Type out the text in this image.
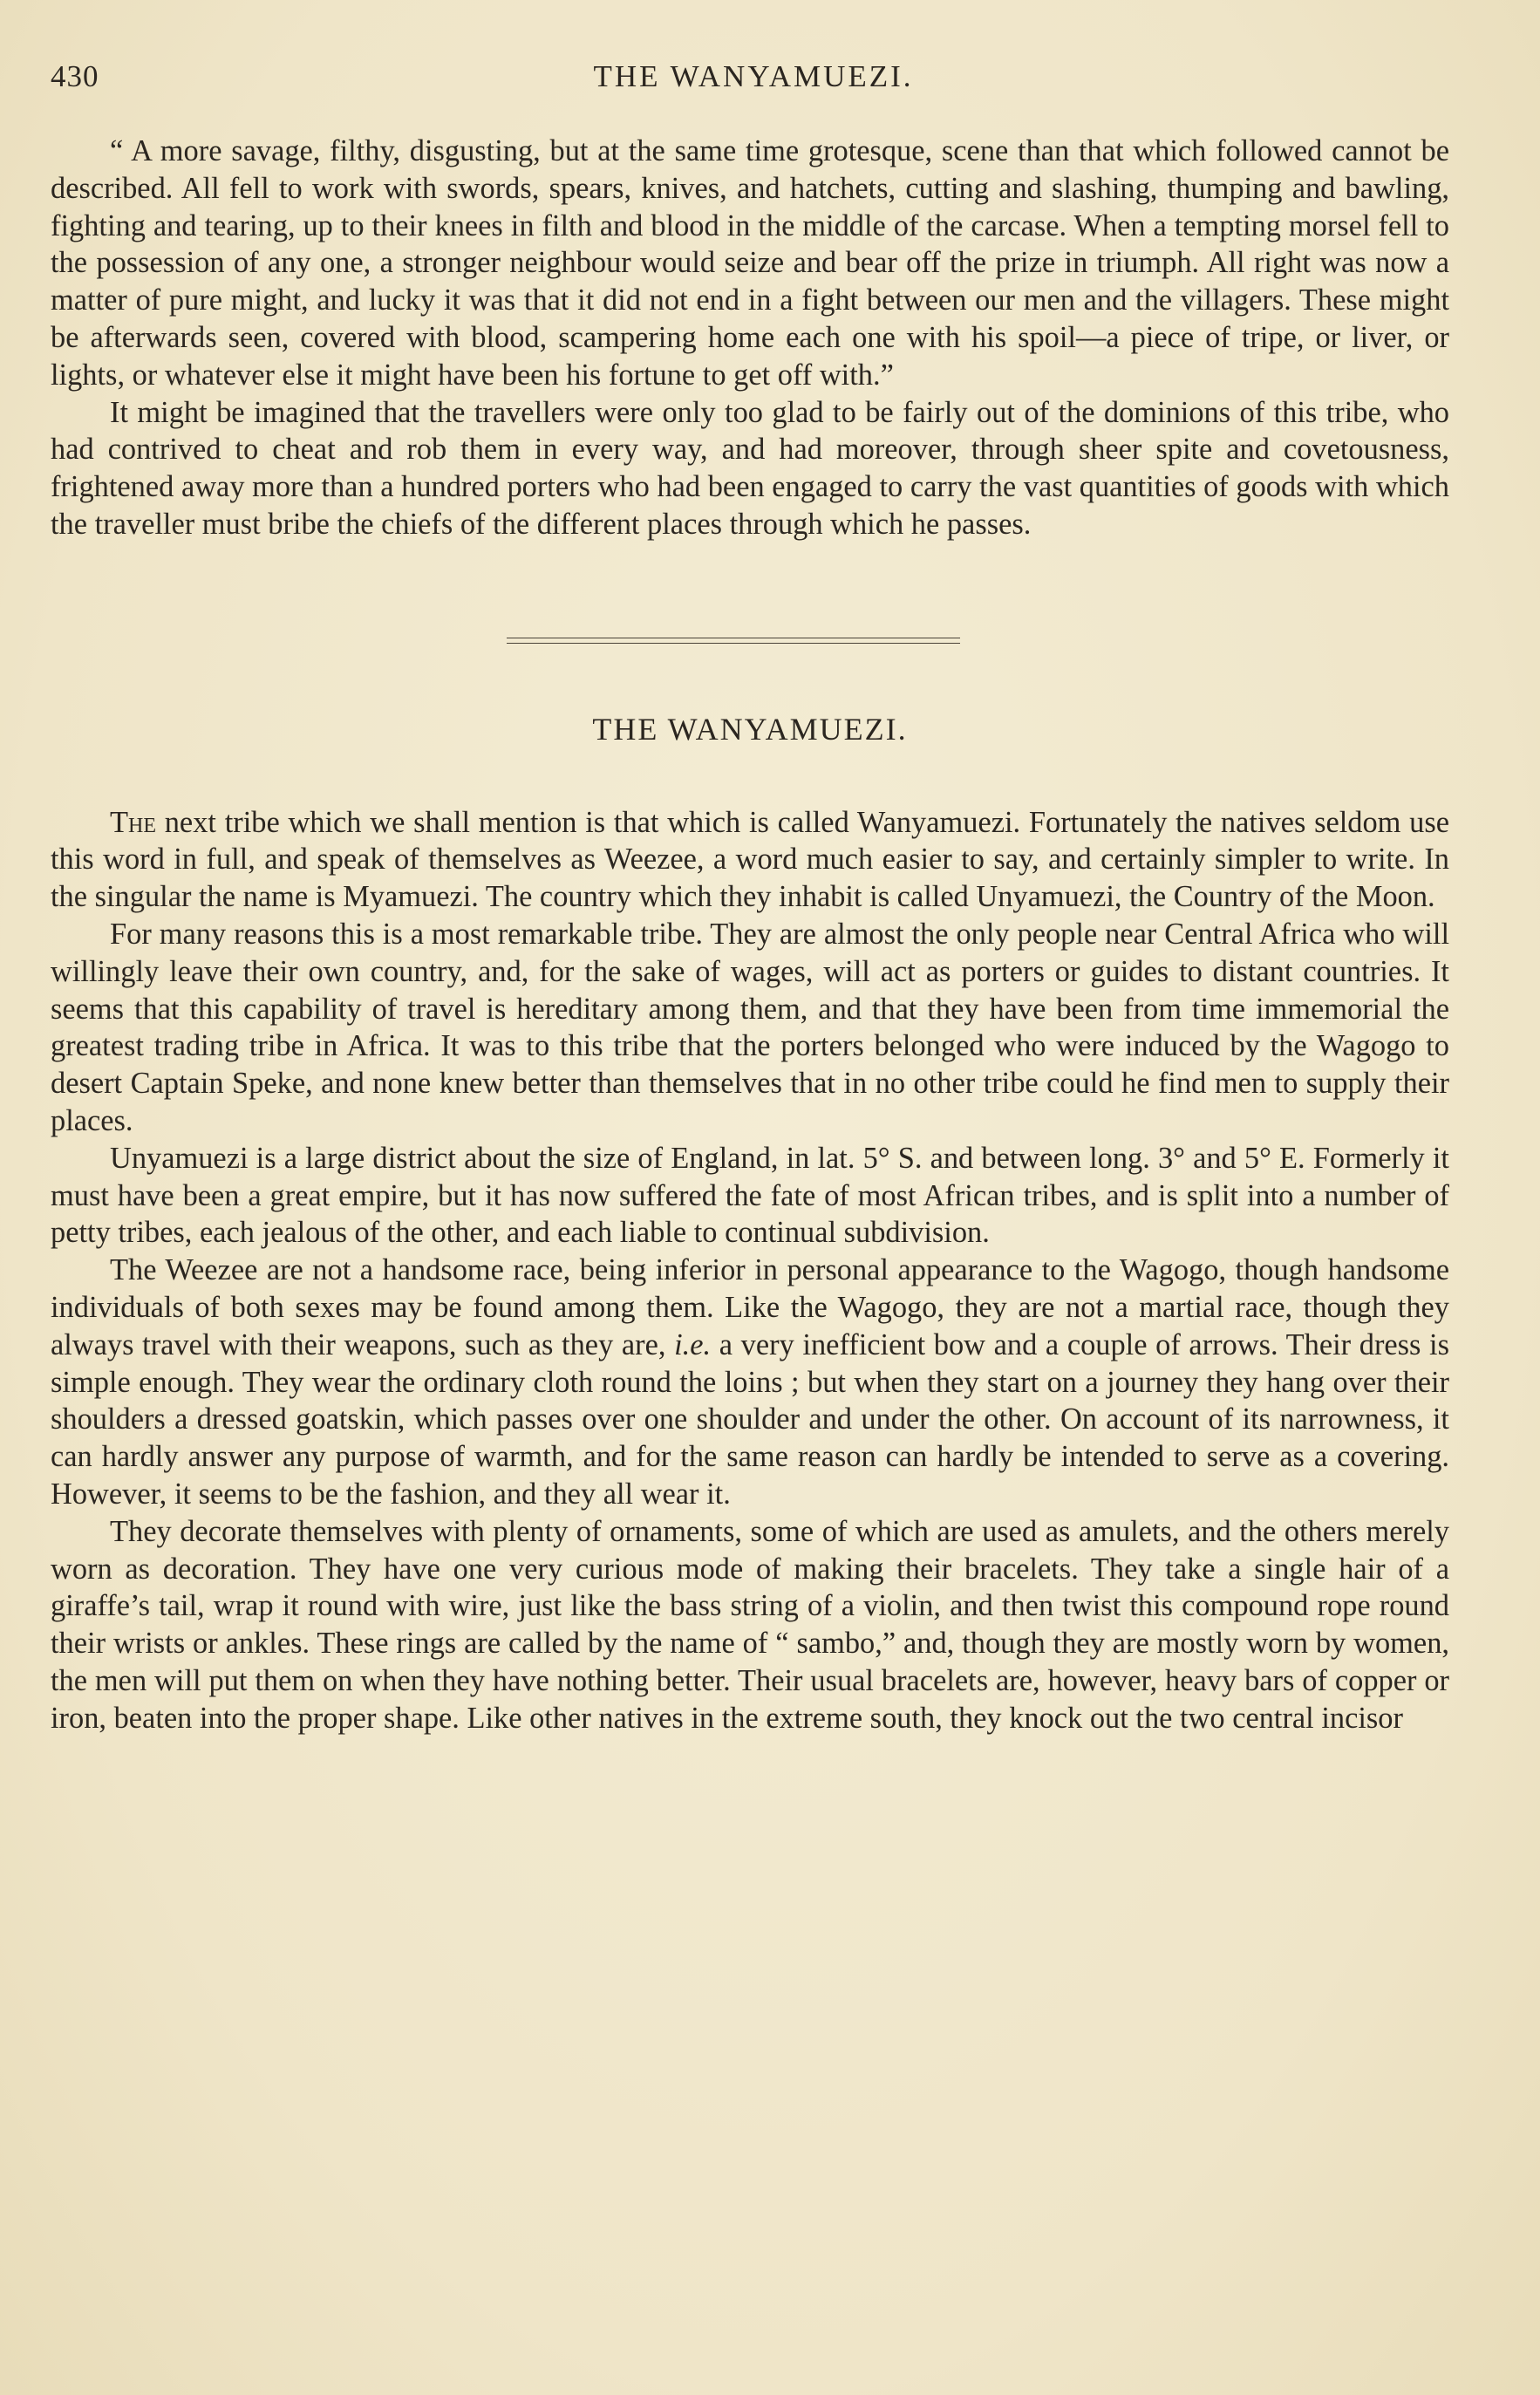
430	THE WANYAMUEZI.

“ A more savage, filthy, disgusting, but at the same time grotesque, scene than that which followed cannot be described. All fell to work with swords, spears, knives, and hatchets, cutting and slashing, thumping and bawling, fighting and tearing, up to their knees in filth and blood in the middle of the carcase. When a tempting morsel fell to the possession of any one, a stronger neighbour would seize and bear off the prize in triumph. All right was now a matter of pure might, and lucky it was that it did not end in a fight between our men and the villagers. These might be afterwards seen, covered with blood, scampering home each one with his spoil—a piece of tripe, or liver, or lights, or whatever else it might have been his fortune to get off with.”

It might be imagined that the travellers were only too glad to be fairly out of the dominions of this tribe, who had contrived to cheat and rob them in every way, and had moreover, through sheer spite and covetousness, frightened away more than a hundred porters who had been engaged to carry the vast quantities of goods with which the traveller must bribe the chiefs of the different places through which he passes.

THE WANYAMUEZI.

The next tribe which we shall mention is that which is called Wanyamuezi. Fortunately the natives seldom use this word in full, and speak of themselves as Weezee, a word much easier to say, and certainly simpler to write. In the singular the name is Myamuezi. The country which they inhabit is called Unyamuezi, the Country of the Moon.

For many reasons this is a most remarkable tribe. They are almost the only people near Central Africa who will willingly leave their own country, and, for the sake of wages, will act as porters or guides to distant countries. It seems that this capability of travel is hereditary among them, and that they have been from time immemorial the greatest trading tribe in Africa. It was to this tribe that the porters belonged who were induced by the Wagogo to desert Captain Speke, and none knew better than themselves that in no other tribe could he find men to supply their places.

Unyamuezi is a large district about the size of England, in lat. 5° S. and between long. 3° and 5° E. Formerly it must have been a great empire, but it has now suffered the fate of most African tribes, and is split into a number of petty tribes, each jealous of the other, and each liable to continual subdivision.

The Weezee are not a handsome race, being inferior in personal appearance to the Wagogo, though handsome individuals of both sexes may be found among them. Like the Wagogo, they are not a martial race, though they always travel with their weapons, such as they are, i.e. a very inefficient bow and a couple of arrows. Their dress is simple enough. They wear the ordinary cloth round the loins ; but when they start on a journey they hang over their shoulders a dressed goatskin, which passes over one shoulder and under the other. On account of its narrowness, it can hardly answer any purpose of warmth, and for the same reason can hardly be intended to serve as a covering. However, it seems to be the fashion, and they all wear it.

They decorate themselves with plenty of ornaments, some of which are used as amulets, and the others merely worn as decoration. They have one very curious mode of making their bracelets. They take a single hair of a giraffe’s tail, wrap it round with wire, just like the bass string of a violin, and then twist this compound rope round their wrists or ankles. These rings are called by the name of “ sambo,” and, though they are mostly worn by women, the men will put them on when they have nothing better. Their usual bracelets are, however, heavy bars of copper or iron, beaten into the proper shape. Like other natives in the extreme south, they knock out the two central incisor
